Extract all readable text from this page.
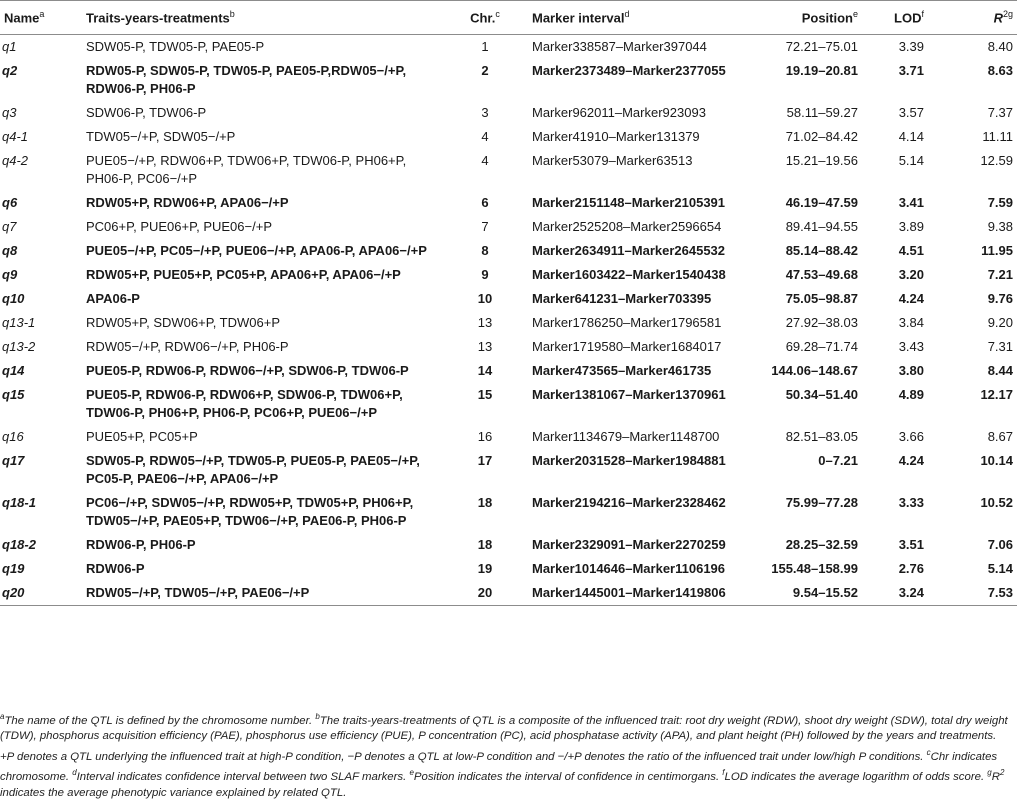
Name$^a$	Traits-years-treatments$^b$	Chr.$^c$	Marker interval$^d$	Position$^e$	LOD$^f$	$R^{2g}$
q1	SDW05-P, TDW05-P, PAE05-P	1	Marker338587–Marker397044	72.21–75.01	3.39	8.40
q2	RDW05-P, SDW05-P, TDW05-P, PAE05-P,RDW05−/+P, RDW06-P, PH06-P	2	Marker2373489–Marker2377055	19.19–20.81	3.71	8.63
q3	SDW06-P, TDW06-P	3	Marker962011–Marker923093	58.11–59.27	3.57	7.37
q4-1	TDW05−/+P, SDW05−/+P	4	Marker41910–Marker131379	71.02–84.42	4.14	11.11
q4-2	PUE05−/+P, RDW06+P, TDW06+P, TDW06-P, PH06+P, PH06-P, PC06−/+P	4	Marker53079–Marker63513	15.21–19.56	5.14	12.59
q6	RDW05+P, RDW06+P, APA06−/+P	6	Marker2151148–Marker2105391	46.19–47.59	3.41	7.59
q7	PC06+P, PUE06+P, PUE06−/+P	7	Marker2525208–Marker2596654	89.41–94.55	3.89	9.38
q8	PUE05−/+P, PC05−/+P, PUE06−/+P, APA06-P, APA06−/+P	8	Marker2634911–Marker2645532	85.14–88.42	4.51	11.95
q9	RDW05+P, PUE05+P, PC05+P, APA06+P, APA06−/+P	9	Marker1603422–Marker1540438	47.53–49.68	3.20	7.21
q10	APA06-P	10	Marker641231–Marker703395	75.05–98.87	4.24	9.76
q13-1	RDW05+P, SDW06+P, TDW06+P	13	Marker1786250–Marker1796581	27.92–38.03	3.84	9.20
q13-2	RDW05−/+P, RDW06−/+P, PH06-P	13	Marker1719580–Marker1684017	69.28–71.74	3.43	7.31
q14	PUE05-P, RDW06-P, RDW06−/+P, SDW06-P, TDW06-P	14	Marker473565–Marker461735	144.06–148.67	3.80	8.44
q15	PUE05-P, RDW06-P, RDW06+P, SDW06-P, TDW06+P, TDW06-P, PH06+P, PH06-P, PC06+P, PUE06−/+P	15	Marker1381067–Marker1370961	50.34–51.40	4.89	12.17
q16	PUE05+P, PC05+P	16	Marker1134679–Marker1148700	82.51–83.05	3.66	8.67
q17	SDW05-P, RDW05−/+P, TDW05-P, PUE05-P, PAE05−/+P, PC05-P, PAE06−/+P, APA06−/+P	17	Marker2031528–Marker1984881	0–7.21	4.24	10.14
q18-1	PC06−/+P, SDW05−/+P, RDW05+P, TDW05+P, PH06+P, TDW05−/+P, PAE05+P, TDW06−/+P, PAE06-P, PH06-P	18	Marker2194216–Marker2328462	75.99–77.28	3.33	10.52
q18-2	RDW06-P, PH06-P	18	Marker2329091–Marker2270259	28.25–32.59	3.51	7.06
q19	RDW06-P	19	Marker1014646–Marker1106196	155.48–158.99	2.76	5.14
q20	RDW05−/+P, TDW05−/+P, PAE06−/+P	20	Marker1445001–Marker1419806	9.54–15.52	3.24	7.53
$^a$The name of the QTL is defined by the chromosome number. $^b$The traits-years-treatments of QTL is a composite of the influenced trait: root dry weight (RDW), shoot dry weight (SDW), total dry weight (TDW), phosphorus acquisition efficiency (PAE), phosphorus use efficiency (PUE), P concentration (PC), acid phosphatase activity (APA), and plant height (PH) followed by the years and treatments. +P denotes a QTL underlying the influenced trait at high-P condition, −P denotes a QTL at low-P condition and −/+P denotes the ratio of the influenced trait under low/high P conditions. $^c$Chr indicates chromosome. $^d$Interval indicates confidence interval between two SLAF markers. $^e$Position indicates the interval of confidence in centimorgans. $^f$LOD indicates the average logarithm of odds score. $^gR^2$ indicates the average phenotypic variance explained by related QTL.
